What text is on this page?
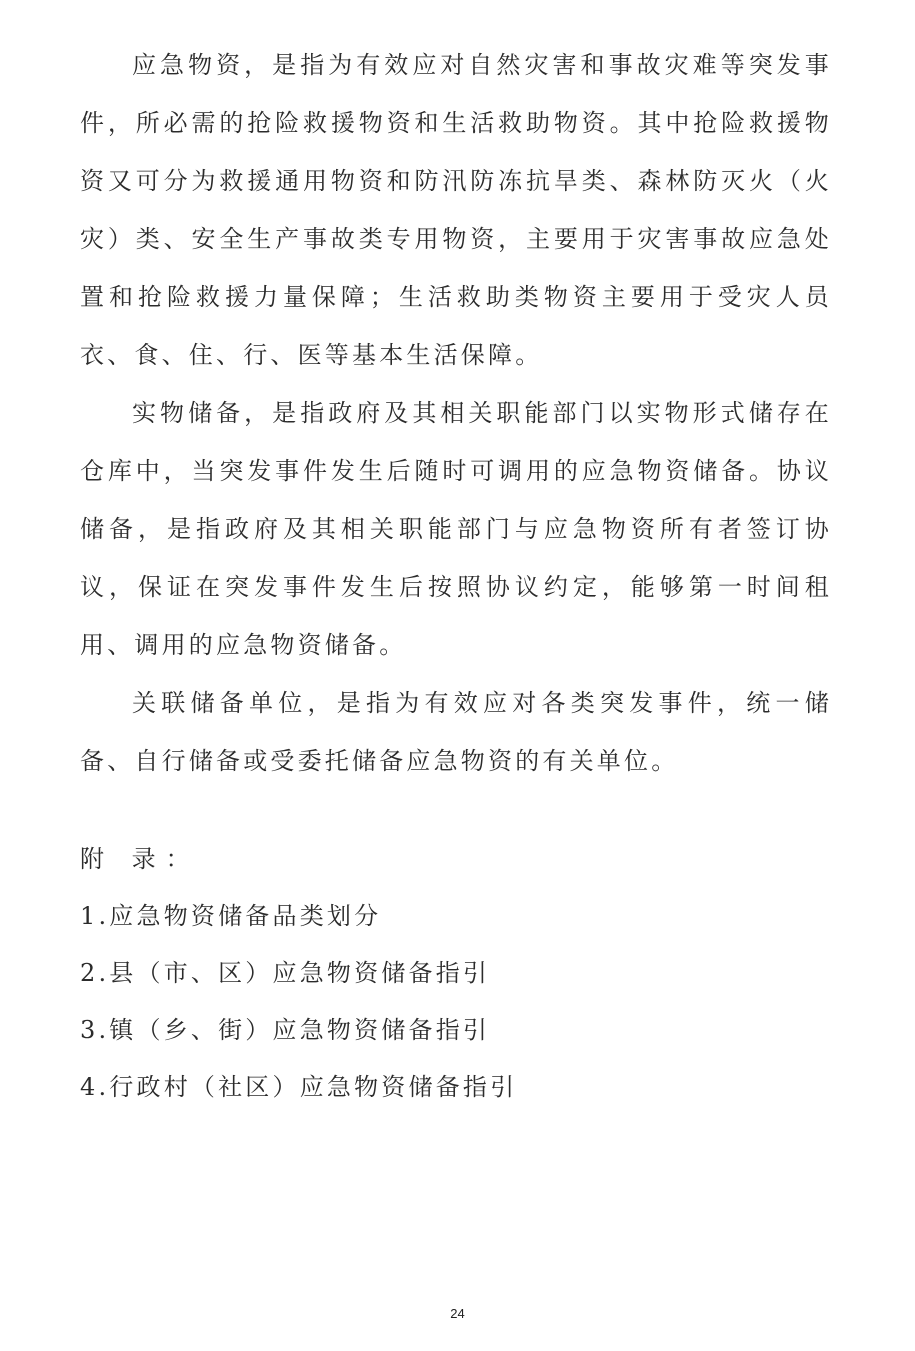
应急物资，是指为有效应对自然灾害和事故灾难等突发事件，所必需的抢险救援物资和生活救助物资。其中抢险救援物资又可分为救援通用物资和防汛防冻抗旱类、森林防灭火（火灾）类、安全生产事故类专用物资，主要用于灾害事故应急处置和抢险救援力量保障；生活救助类物资主要用于受灾人员衣、食、住、行、医等基本生活保障。

实物储备，是指政府及其相关职能部门以实物形式储存在仓库中，当突发事件发生后随时可调用的应急物资储备。协议储备，是指政府及其相关职能部门与应急物资所有者签订协议，保证在突发事件发生后按照协议约定，能够第一时间租用、调用的应急物资储备。

关联储备单位，是指为有效应对各类突发事件，统一储备、自行储备或受委托储备应急物资的有关单位。

附 录：

1.应急物资储备品类划分
2.县（市、区）应急物资储备指引
3.镇（乡、街）应急物资储备指引
4.行政村（社区）应急物资储备指引
24
